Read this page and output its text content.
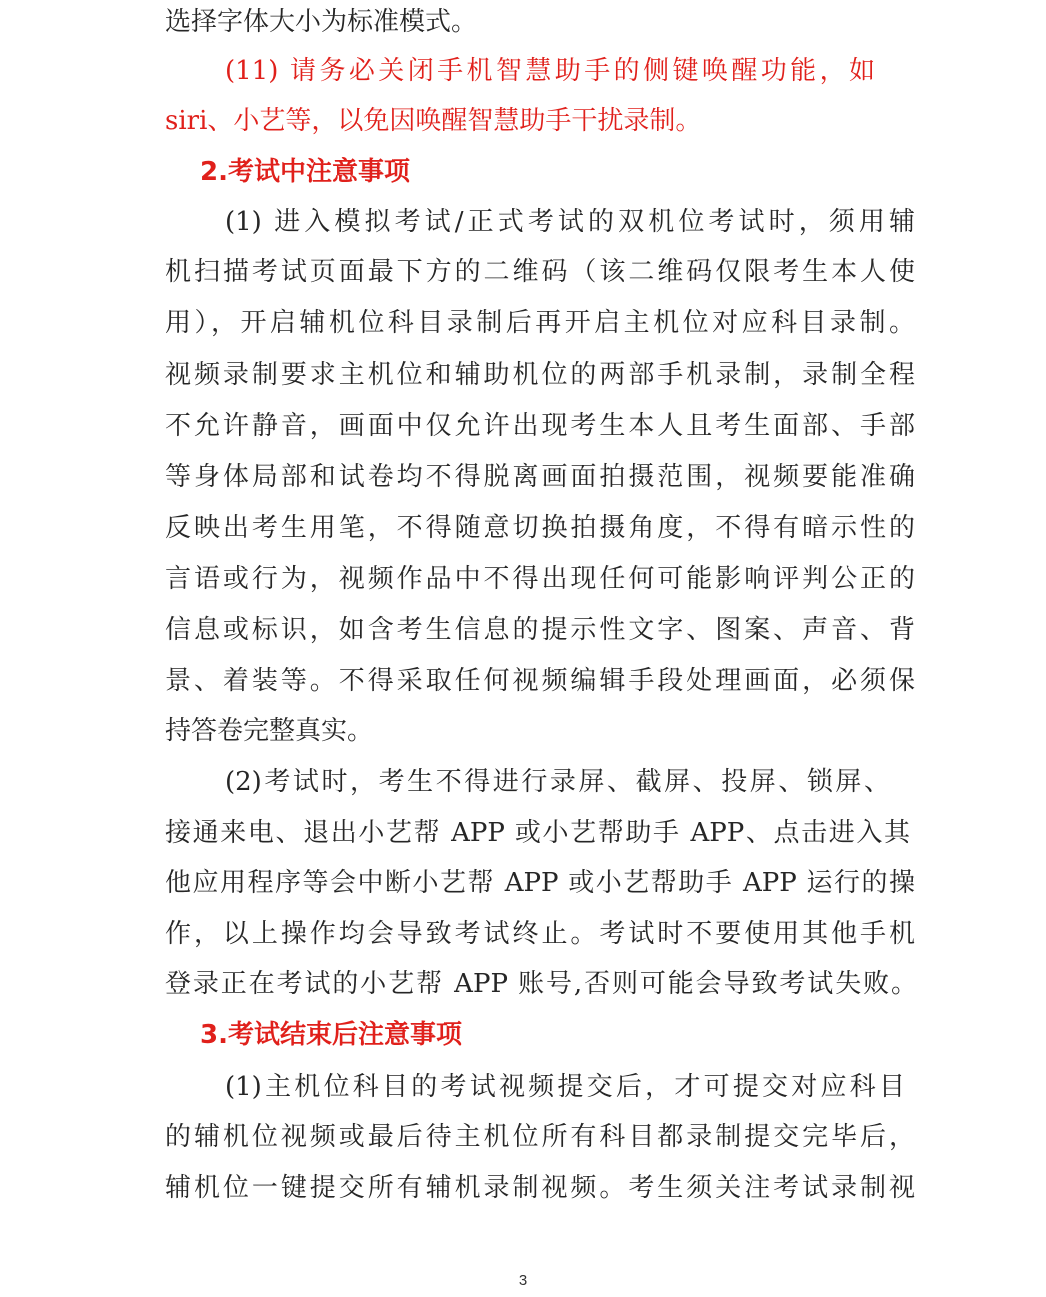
选择字体大小为标准模式。
(11) 请务必关闭手机智慧助手的侧键唤醒功能，如
siri、小艺等，以免因唤醒智慧助手干扰录制。
2.考试中注意事项
(1) 进入模拟考试/正式考试的双机位考试时，须用辅
机扫描考试页面最下方的二维码（该二维码仅限考生本人使
用），开启辅机位科目录制后再开启主机位对应科目录制。
视频录制要求主机位和辅助机位的两部手机录制，录制全程
不允许静音，画面中仅允许出现考生本人且考生面部、手部
等身体局部和试卷均不得脱离画面拍摄范围，视频要能准确
反映出考生用笔，不得随意切换拍摄角度，不得有暗示性的
言语或行为，视频作品中不得出现任何可能影响评判公正的
信息或标识，如含考生信息的提示性文字、图案、声音、背
景、着装等。不得采取任何视频编辑手段处理画面，必须保
持答卷完整真实。
(2)考试时，考生不得进行录屏、截屏、投屏、锁屏、
接通来电、退出小艺帮 APP 或小艺帮助手 APP、点击进入其
他应用程序等会中断小艺帮 APP 或小艺帮助手 APP 运行的操
作，以上操作均会导致考试终止。考试时不要使用其他手机
登录正在考试的小艺帮 APP 账号,否则可能会导致考试失败。
3.考试结束后注意事项
(1)主机位科目的考试视频提交后，才可提交对应科目
的辅机位视频或最后待主机位所有科目都录制提交完毕后，
辅机位一键提交所有辅机录制视频。考生须关注考试录制视
3
